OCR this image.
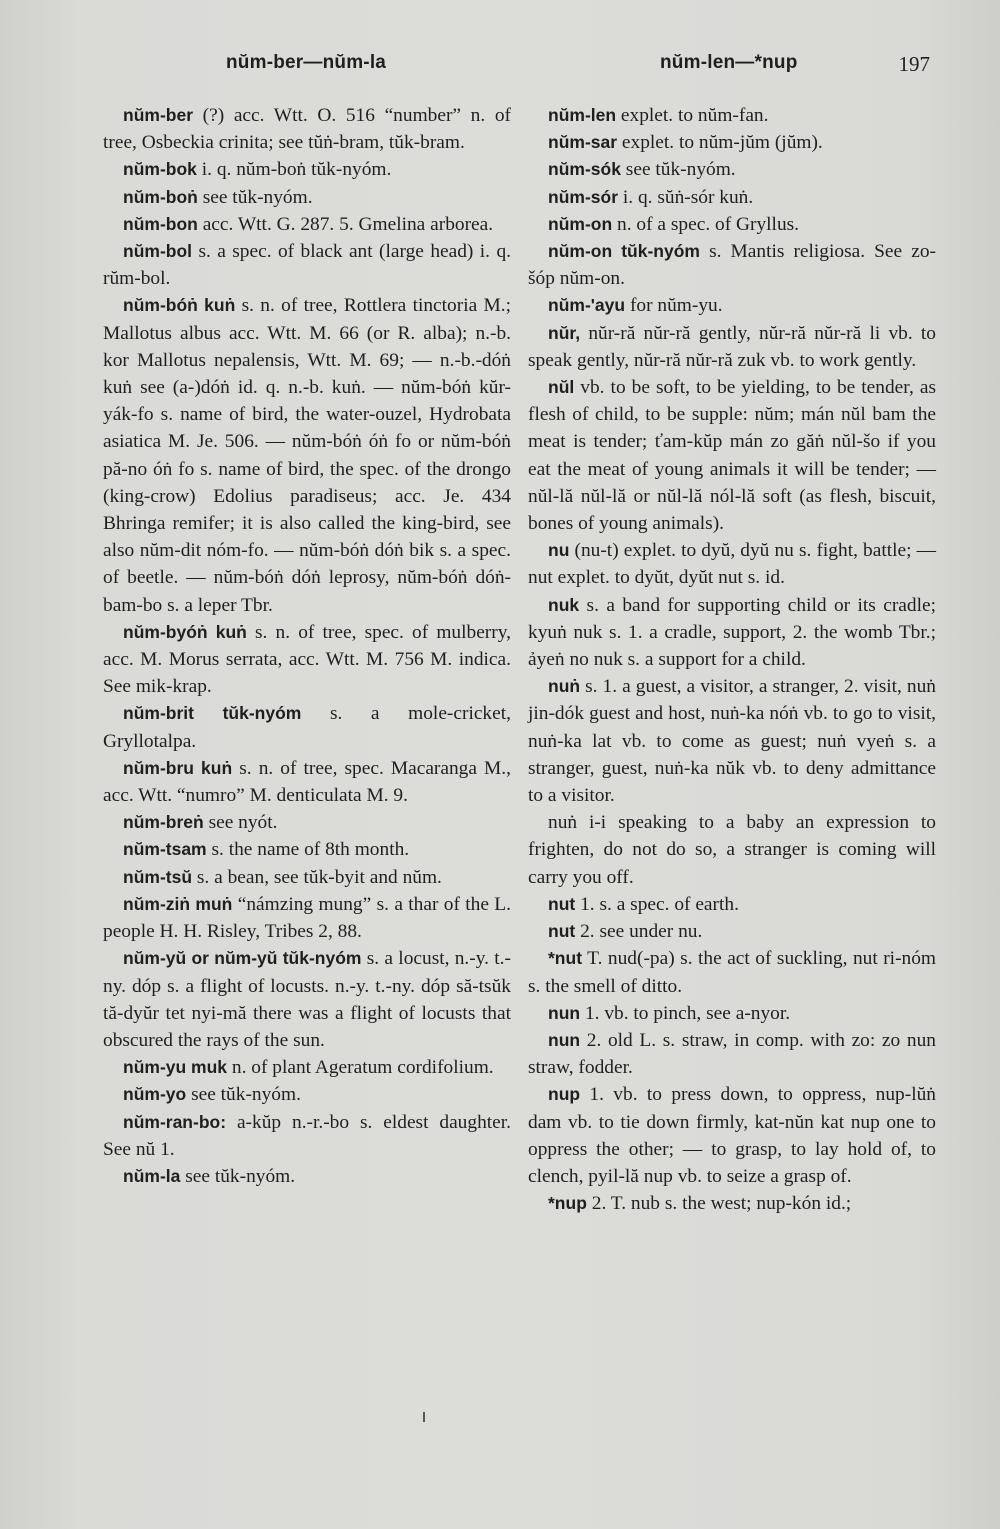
nŭm-ber—nŭm-la	nŭm-len—*nup	197

nŭm-ber (?) acc. Wtt. O. 516 “number” n. of tree, Osbeckia crinita; see tŭṅ-bram, tŭk-bram.

nŭm-bok i. q. nŭm-boṅ tŭk-nyóm.

nŭm-boṅ see tŭk-nyóm.

nŭm-bon acc. Wtt. G. 287. 5. Gmelina arborea.

nŭm-bol s. a spec. of black ant (large head) i. q. rŭm-bol.

nŭm-bóṅ kuṅ s. n. of tree, Rottlera tinctoria M.; Mallotus albus acc. Wtt. M. 66 (or R. alba); n.-b. kor Mallotus nepalensis, Wtt. M. 69; — n.-b.-dóṅ kuṅ see (a-)dóṅ id. q. n.-b. kuṅ. — nŭm-bóṅ kŭr-yák-fo s. name of bird, the water-ouzel, Hydrobata asiatica M. Je. 506. — nŭm-bóṅ óṅ fo or nŭm-bóṅ pă-no óṅ fo s. name of bird, the spec. of the drongo (king-crow) Edolius paradiseus; acc. Je. 434 Bhringa remifer; it is also called the king-bird, see also nŭm-dit nóm-fo. — nŭm-bóṅ dóṅ bik s. a spec. of beetle. — nŭm-bóṅ dóṅ leprosy, nŭm-bóṅ dóṅ-bam-bo s. a leper Tbr.

nŭm-byóṅ kuṅ s. n. of tree, spec. of mulberry, acc. M. Morus serrata, acc. Wtt. M. 756 M. indica. See mik-krap.

nŭm-brit tŭk-nyóm s. a mole-cricket, Gryllotalpa.

nŭm-bru kuṅ s. n. of tree, spec. Macaranga M., acc. Wtt. “numro” M. denticulata M. 9.

nŭm-breṅ see nyót.

nŭm-tsam s. the name of 8th month.

nŭm-tsŭ s. a bean, see tŭk-byit and nŭm.

nŭm-ziṅ muṅ “námzing mung” s. a thar of the L. people H. H. Risley, Tribes 2, 88.

nŭm-yŭ or nŭm-yŭ tŭk-nyóm s. a locust, n.-y. t.-ny. dóp s. a flight of locusts. n.-y. t.-ny. dóp să-tsŭk tă-dyŭr tet nyi-mă there was a flight of locusts that obscured the rays of the sun.

nŭm-yu muk n. of plant Ageratum cordifolium.

nŭm-yo see tŭk-nyóm.

nŭm-ran-bo: a-kŭp n.-r.-bo s. eldest daughter. See nŭ 1.

nŭm-la see tŭk-nyóm.

nŭm-len explet. to nŭm-fan.

nŭm-sar explet. to nŭm-jŭm (jŭm).

nŭm-sók see tŭk-nyóm.

nŭm-sór i. q. sŭṅ-sór kuṅ.

nŭm-on n. of a spec. of Gryllus.

nŭm-on tŭk-nyóm s. Mantis religiosa. See zo-šóp nŭm-on.

nŭm-'ayu for nŭm-yu.

nŭr, nŭr-ră nŭr-ră gently, nŭr-ră nŭr-ră li vb. to speak gently, nŭr-ră nŭr-ră zuk vb. to work gently.

nŭl vb. to be soft, to be yielding, to be tender, as flesh of child, to be supple: nŭm; mán nŭl bam the meat is tender; ťam-kŭp mán zo găṅ nŭl-šo if you eat the meat of young animals it will be tender; — nŭl-lă nŭl-lă or nŭl-lă nól-lă soft (as flesh, biscuit, bones of young animals).

nu (nu-t) explet. to dyŭ, dyŭ nu s. fight, battle; — nut explet. to dyŭt, dyŭt nut s. id.

nuk s. a band for supporting child or its cradle; kyuṅ nuk s. 1. a cradle, support, 2. the womb Tbr.; ảyeṅ no nuk s. a support for a child.

nuṅ s. 1. a guest, a visitor, a stranger, 2. visit, nuṅ jin-dók guest and host, nuṅ-ka nóṅ vb. to go to visit, nuṅ-ka lat vb. to come as guest; nuṅ vyeṅ s. a stranger, guest, nuṅ-ka nŭk vb. to deny admittance to a visitor.

nuṅ i-i speaking to a baby an expression to frighten, do not do so, a stranger is coming will carry you off.

nut 1. s. a spec. of earth.

nut 2. see under nu.

*nut T. nud(-pa) s. the act of suckling, nut ri-nóm s. the smell of ditto.

nun 1. vb. to pinch, see a-nyor.

nun 2. old L. s. straw, in comp. with zo: zo nun straw, fodder.

nup 1. vb. to press down, to oppress, nup-lŭṅ dam vb. to tie down firmly, kat-nŭn kat nup one to oppress the other; — to grasp, to lay hold of, to clench, pyil-lă nup vb. to seize a grasp of.

*nup 2. T. nub s. the west; nup-kón id.;
